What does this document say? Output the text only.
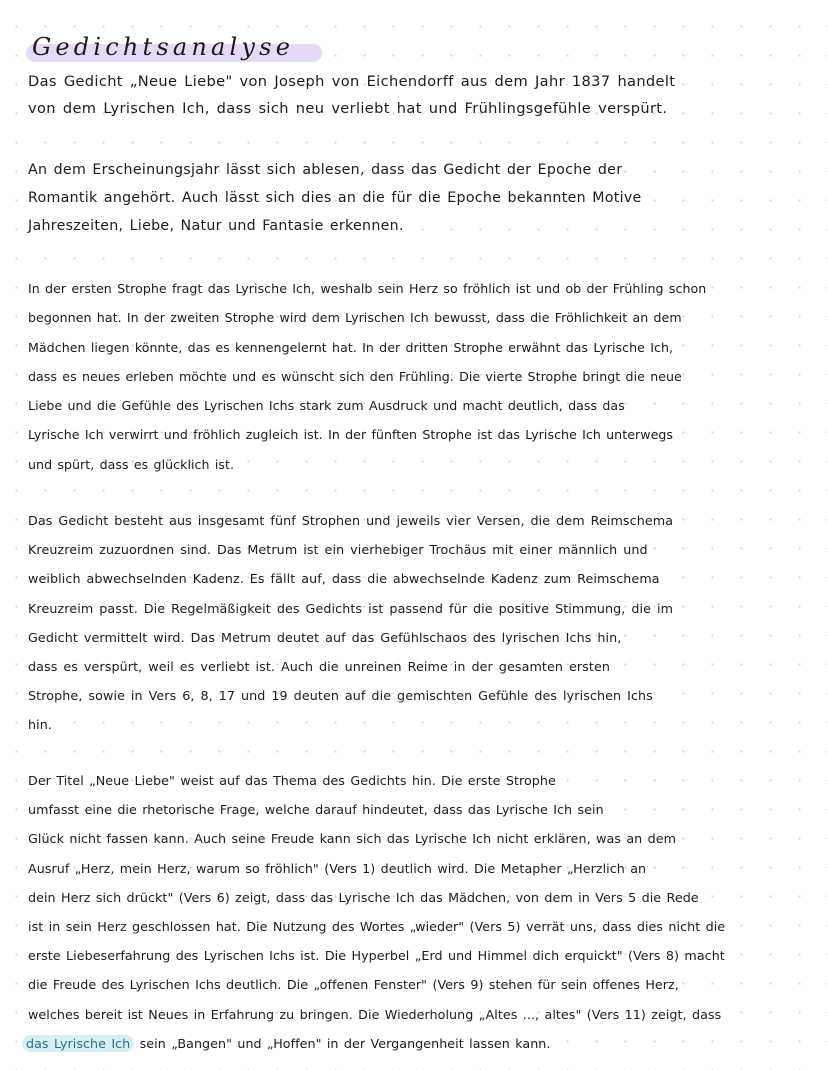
Gedichtsanalyse
Das Gedicht „Neue Liebe" von Joseph von Eichendorff aus dem Jahr 1837 handelt
von dem Lyrischen Ich, dass sich neu verliebt hat und Frühlingsgefühle verspürt.
An dem Erscheinungsjahr lässt sich ablesen, dass das Gedicht der Epoche der
Romantik angehört. Auch lässt sich dies an die für die Epoche bekannten Motive
Jahreszeiten, Liebe, Natur und Fantasie erkennen.
In der ersten Strophe fragt das Lyrische Ich, weshalb sein Herz so fröhlich ist und ob der Frühling schon
begonnen hat. In der zweiten Strophe wird dem Lyrischen Ich bewusst, dass die Fröhlichkeit an dem
Mädchen liegen könnte, das es kennengelernt hat. In der dritten Strophe erwähnt das Lyrische Ich,
dass es neues erleben möchte und es wünscht sich den Frühling. Die vierte Strophe bringt die neue
Liebe und die Gefühle des Lyrischen Ichs stark zum Ausdruck und macht deutlich, dass das
Lyrische Ich verwirrt und fröhlich zugleich ist. In der fünften Strophe ist das Lyrische Ich unterwegs
und spürt, dass es glücklich ist.
Das Gedicht besteht aus insgesamt fünf Strophen und jeweils vier Versen, die dem Reimschema
Kreuzreim zuzuordnen sind. Das Metrum ist ein vierhebiger Trochäus mit einer männlich und
weiblich abwechselnden Kadenz. Es fällt auf, dass die abwechselnde Kadenz zum Reimschema
Kreuzreim passt. Die Regelmäßigkeit des Gedichts ist passend für die positive Stimmung, die im
Gedicht vermittelt wird. Das Metrum deutet auf das Gefühlschaos des lyrischen Ichs hin,
dass es verspürt, weil es verliebt ist. Auch die unreinen Reime in der gesamten ersten
Strophe, sowie in Vers 6, 8, 17 und 19 deuten auf die gemischten Gefühle des lyrischen Ichs
hin.
Der Titel „Neue Liebe" weist auf das Thema des Gedichts hin. Die erste Strophe
umfasst eine die rhetorische Frage, welche darauf hindeutet, dass das Lyrische Ich sein
Glück nicht fassen kann. Auch seine Freude kann sich das Lyrische Ich nicht erklären, was an dem
Ausruf „Herz, mein Herz, warum so fröhlich" (Vers 1) deutlich wird. Die Metapher „Herzlich an
dein Herz sich drückt" (Vers 6) zeigt, dass das Lyrische Ich das Mädchen, von dem in Vers 5 die Rede
ist in sein Herz geschlossen hat. Die Nutzung des Wortes „wieder" (Vers 5) verrät uns, dass dies nicht die
erste Liebeserfahrung des Lyrischen Ichs ist. Die Hyperbel „Erd und Himmel dich erquickt" (Vers 8) macht
die Freude des Lyrischen Ichs deutlich. Die „offenen Fenster" (Vers 9) stehen für sein offenes Herz,
welches bereit ist Neues in Erfahrung zu bringen. Die Wiederholung „Altes ..., altes" (Vers 11) zeigt, dass
das Lyrische Ich sein „Bangen" und „Hoffen" in der Vergangenheit lassen kann.
